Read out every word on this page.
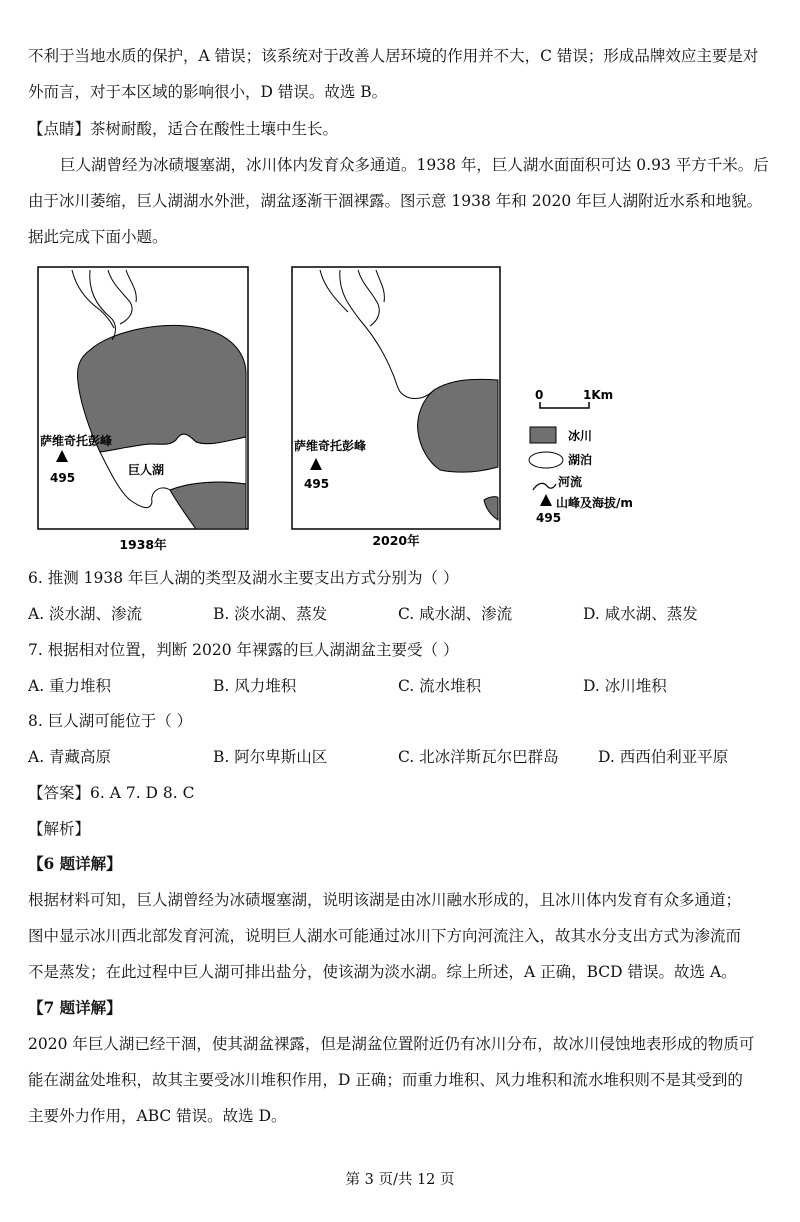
不利于当地水质的保护，A 错误；该系统对于改善人居环境的作用并不大，C 错误；形成品牌效应主要是对
外而言，对于本区域的影响很小，D 错误。故选 B。
【点睛】茶树耐酸，适合在酸性土壤中生长。
巨人湖曾经为冰碛堰塞湖，冰川体内发育众多通道。1938 年，巨人湖水面面积可达 0.93 平方千米。后
由于冰川萎缩，巨人湖湖水外泄，湖盆逐渐干涸裸露。图示意 1938 年和 2020 年巨人湖附近水系和地貌。
据此完成下面小题。
萨维奇托彭峰
495
巨人湖
1938年
萨维奇托彭峰
495
2020年
0	1Km
冰川
湖泊
河流
山峰及海拔/m
495
6. 推测 1938 年巨人湖的类型及湖水主要支出方式分别为（ ）
A. 淡水湖、渗流	B. 淡水湖、蒸发	C. 咸水湖、渗流	D. 咸水湖、蒸发
7. 根据相对位置，判断 2020 年裸露的巨人湖湖盆主要受（ ）
A. 重力堆积	B. 风力堆积	C. 流水堆积	D. 冰川堆积
8. 巨人湖可能位于（ ）
A. 青藏高原	B. 阿尔卑斯山区	C. 北冰洋斯瓦尔巴群岛	D. 西西伯利亚平原
【答案】6. A 7. D 8. C
【解析】
【6 题详解】
根据材料可知，巨人湖曾经为冰碛堰塞湖，说明该湖是由冰川融水形成的，且冰川体内发育有众多通道；
图中显示冰川西北部发育河流，说明巨人湖水可能通过冰川下方向河流注入，故其水分支出方式为渗流而
不是蒸发；在此过程中巨人湖可排出盐分，使该湖为淡水湖。综上所述，A 正确，BCD 错误。故选 A。
【7 题详解】
2020 年巨人湖已经干涸，使其湖盆裸露，但是湖盆位置附近仍有冰川分布，故冰川侵蚀地表形成的物质可
能在湖盆处堆积，故其主要受冰川堆积作用，D 正确；而重力堆积、风力堆积和流水堆积则不是其受到的
主要外力作用，ABC 错误。故选 D。
第 3 页/共 12 页
